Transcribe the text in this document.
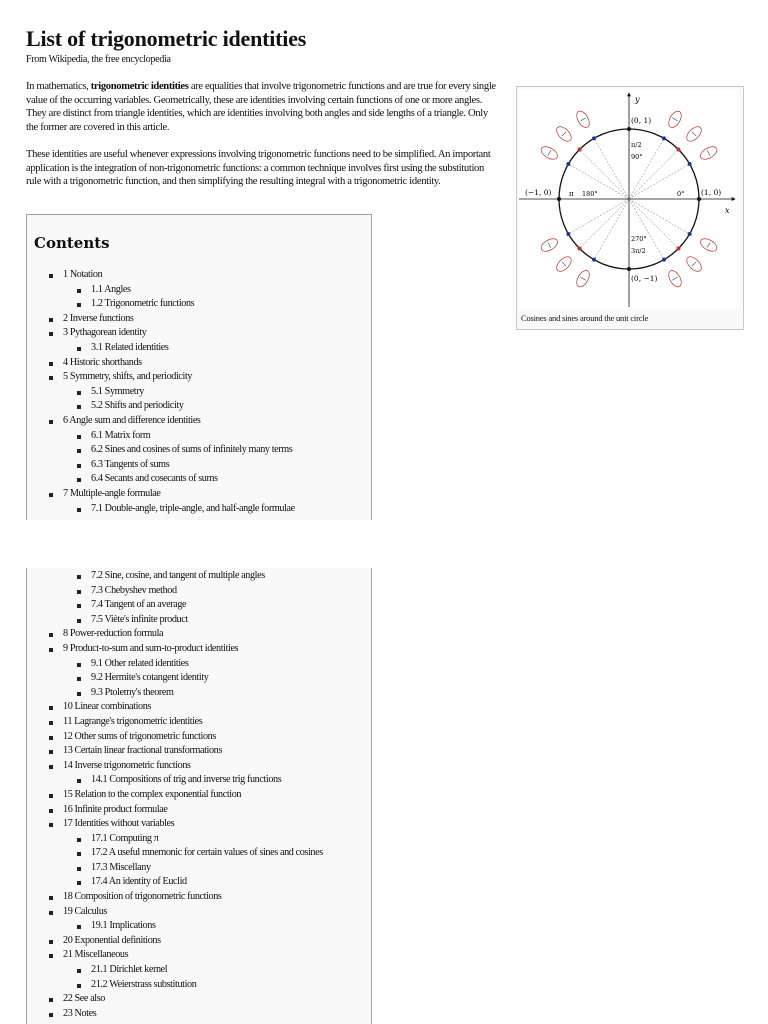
List of trigonometric identities
From Wikipedia, the free encyclopedia

In mathematics, trigonometric identities are equalities that involve trigonometric functions and are true for every single value of the occurring variables. Geometrically, these are identities involving certain functions of one or more angles. They are distinct from triangle identities, which are identities involving both angles and side lengths of a triangle. Only the former are covered in this article.

These identities are useful whenever expressions involving trigonometric functions need to be simplified. An important application is the integration of non-trigonometric functions: a common technique involves first using the substitution rule with a trigonometric function, and then simplifying the resulting integral with a trigonometric identity.

x
y
(0, 1)
(0, −1)
(−1, 0)	(1, 0)
0°
180°
π
90°
π/2
270°
3π/2
Cosines and sines around the unit circle
Contents
1 Notation
1.1 Angles
1.2 Trigonometric functions
2 Inverse functions
3 Pythagorean identity
3.1 Related identities
4 Historic shorthands
5 Symmetry, shifts, and periodicity
5.1 Symmetry
5.2 Shifts and periodicity
6 Angle sum and difference identities
6.1 Matrix form
6.2 Sines and cosines of sums of infinitely many terms
6.3 Tangents of sums
6.4 Secants and cosecants of sums
7 Multiple-angle formulae
7.1 Double-angle, triple-angle, and half-angle formulae
7.2 Sine, cosine, and tangent of multiple angles
7.3 Chebyshev method
7.4 Tangent of an average
7.5 Viète's infinite product
8 Power-reduction formula
9 Product-to-sum and sum-to-product identities
9.1 Other related identities
9.2 Hermite's cotangent identity
9.3 Ptolemy's theorem
10 Linear combinations
11 Lagrange's trigonometric identities
12 Other sums of trigonometric functions
13 Certain linear fractional transformations
14 Inverse trigonometric functions
14.1 Compositions of trig and inverse trig functions
15 Relation to the complex exponential function
16 Infinite product formulae
17 Identities without variables
17.1 Computing π
17.2 A useful mnemonic for certain values of sines and cosines
17.3 Miscellany
17.4 An identity of Euclid
18 Composition of trigonometric functions
19 Calculus
19.1 Implications
20 Exponential definitions
21 Miscellaneous
21.1 Dirichlet kernel
21.2 Weierstrass substitution
22 See also
23 Notes
